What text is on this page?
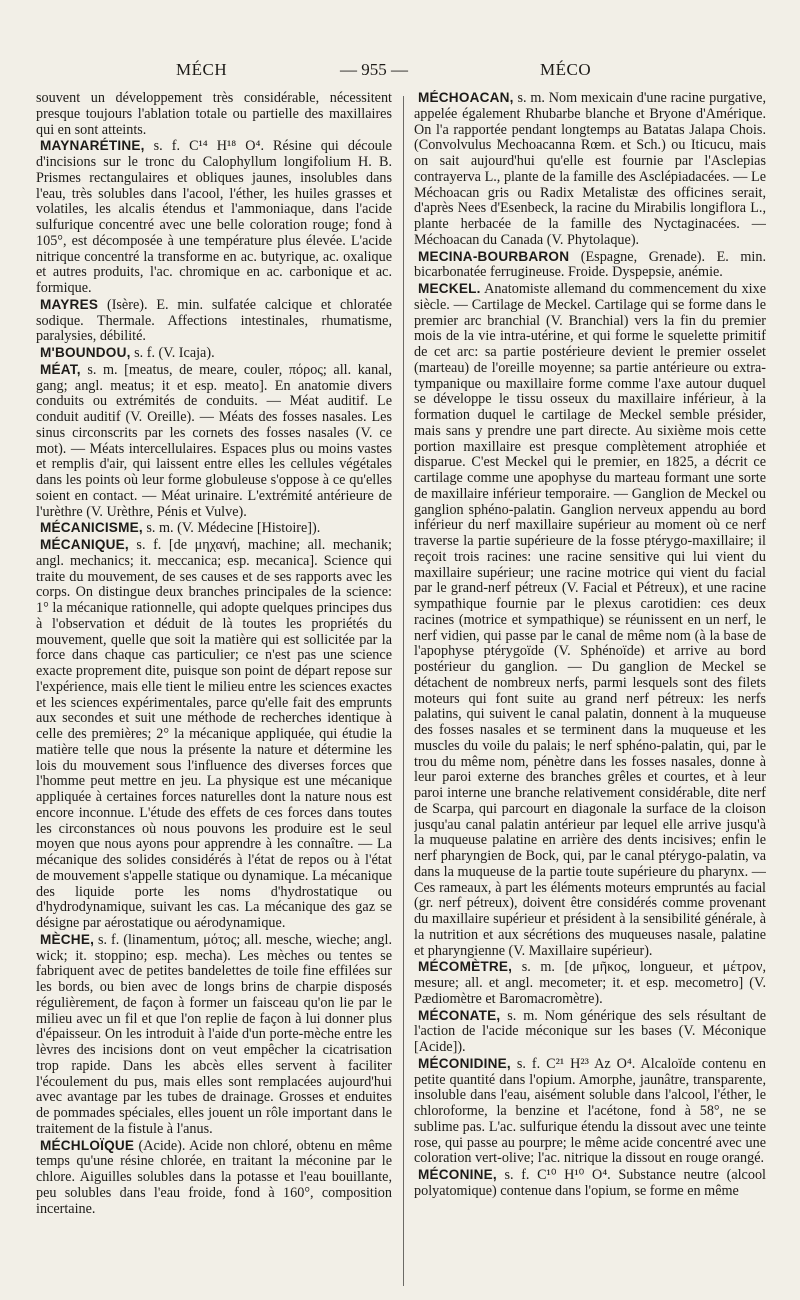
MÉCH	— 955 —	MÉCO

souvent un développement très considérable, nécessitent presque toujours l'ablation totale ou partielle des maxillaires qui en sont atteints.

MAYNARÉTINE, s. f. C¹⁴ H¹⁸ O⁴. Résine qui découle d'incisions sur le tronc du Calophyllum longifolium H. B. Prismes rectangulaires et obliques jaunes, insolubles dans l'eau, très solubles dans l'acool, l'éther, les huiles grasses et volatiles, les alcalis étendus et l'ammoniaque, dans l'acide sulfurique concentré avec une belle coloration rouge; fond à 105°, est décomposée à une température plus élevée. L'acide nitrique concentré la transforme en ac. butyrique, ac. oxalique et autres produits, l'ac. chromique en ac. carbonique et ac. formique.

MAYRES (Isère). E. min. sulfatée calcique et chloratée sodique. Thermale. Affections intestinales, rhumatisme, paralysies, débilité.

M'BOUNDOU, s. f. (V. Icaja).

MÉAT, s. m. [meatus, de meare, couler, πόρος; all. kanal, gang; angl. meatus; it et esp. meato]. En anatomie divers conduits ou extrémités de conduits. — Méat auditif. Le conduit auditif (V. Oreille). — Méats des fosses nasales. Les sinus circonscrits par les cornets des fosses nasales (V. ce mot). — Méats intercellulaires. Espaces plus ou moins vastes et remplis d'air, qui laissent entre elles les cellules végétales dans les points où leur forme globuleuse s'oppose à ce qu'elles soient en contact. — Méat urinaire. L'extrémité antérieure de l'urèthre (V. Urèthre, Pénis et Vulve).

MÉCANICISME, s. m. (V. Médecine [Histoire]).

MÉCANIQUE, s. f. [de μηχανή, machine; all. mechanik; angl. mechanics; it. meccanica; esp. mecanica]. Science qui traite du mouvement, de ses causes et de ses rapports avec les corps. On distingue deux branches principales de la science: 1° la mécanique rationnelle, qui adopte quelques principes dus à l'observation et déduit de là toutes les propriétés du mouvement, quelle que soit la matière qui est sollicitée par la force dans chaque cas particulier; ce n'est pas une science exacte proprement dite, puisque son point de départ repose sur l'expérience, mais elle tient le milieu entre les sciences exactes et les sciences expérimentales, parce qu'elle fait des emprunts aux secondes et suit une méthode de recherches identique à celle des premières; 2° la mécanique appliquée, qui étudie la matière telle que nous la présente la nature et détermine les lois du mouvement sous l'influence des diverses forces que l'homme peut mettre en jeu. La physique est une mécanique appliquée à certaines forces naturelles dont la nature nous est encore inconnue. L'étude des effets de ces forces dans toutes les circonstances où nous pouvons les produire est le seul moyen que nous ayons pour apprendre à les connaître. — La mécanique des solides considérés à l'état de repos ou à l'état de mouvement s'appelle statique ou dynamique. La mécanique des liquide porte les noms d'hydrostatique ou d'hydrodynamique, suivant les cas. La mécanique des gaz se désigne par aérostatique ou aérodynamique.

MÈCHE, s. f. (linamentum, μότος; all. mesche, wieche; angl. wick; it. stoppino; esp. mecha). Les mèches ou tentes se fabriquent avec de petites bandelettes de toile fine effilées sur les bords, ou bien avec de longs brins de charpie disposés régulièrement, de façon à former un faisceau qu'on lie par le milieu avec un fil et que l'on replie de façon à lui donner plus d'épaisseur. On les introduit à l'aide d'un porte-mèche entre les lèvres des incisions dont on veut empêcher la cicatrisation trop rapide. Dans les abcès elles servent à faciliter l'écoulement du pus, mais elles sont remplacées aujourd'hui avec avantage par les tubes de drainage. Grosses et enduites de pommades spéciales, elles jouent un rôle important dans le traitement de la fistule à l'anus.

MÉCHLOÏQUE (Acide). Acide non chloré, obtenu en même temps qu'une résine chlorée, en traitant la méconine par le chlore. Aiguilles solubles dans la potasse et l'eau bouillante, peu solubles dans l'eau froide, fond à 160°, composition incertaine.

MÉCHOACAN, s. m. Nom mexicain d'une racine purgative, appelée également Rhubarbe blanche et Bryone d'Amérique. On l'a rapportée pendant longtemps au Batatas Jalapa Chois. (Convolvulus Mechoacanna Rœm. et Sch.) ou Iticucu, mais on sait aujourd'hui qu'elle est fournie par l'Asclepias contrayerva L., plante de la famille des Asclépiadacées. — Le Méchoacan gris ou Radix Metalistæ des officines serait, d'après Nees d'Esenbeck, la racine du Mirabilis longiflora L., plante herbacée de la famille des Nyctaginacées. — Méchoacan du Canada (V. Phytolaque).

MECINA-BOURBARON (Espagne, Grenade). E. min. bicarbonatée ferrugineuse. Froide. Dyspepsie, anémie.

MECKEL. Anatomiste allemand du commencement du xixe siècle. — Cartilage de Meckel. Cartilage qui se forme dans le premier arc branchial (V. Branchial) vers la fin du premier mois de la vie intra-utérine, et qui forme le squelette primitif de cet arc: sa partie postérieure devient le premier osselet (marteau) de l'oreille moyenne; sa partie antérieure ou extra-tympanique ou maxillaire forme comme l'axe autour duquel se développe le tissu osseux du maxillaire inférieur, à la formation duquel le cartilage de Meckel semble présider, mais sans y prendre une part directe. Au sixième mois cette portion maxillaire est presque complètement atrophiée et disparue. C'est Meckel qui le premier, en 1825, a décrit ce cartilage comme une apophyse du marteau formant une sorte de maxillaire inférieur temporaire. — Ganglion de Meckel ou ganglion sphéno-palatin. Ganglion nerveux appendu au bord inférieur du nerf maxillaire supérieur au moment où ce nerf traverse la partie supérieure de la fosse ptérygo-maxillaire; il reçoit trois racines: une racine sensitive qui lui vient du maxillaire supérieur; une racine motrice qui vient du facial par le grand-nerf pétreux (V. Facial et Pétreux), et une racine sympathique fournie par le plexus carotidien: ces deux racines (motrice et sympathique) se réunissent en un nerf, le nerf vidien, qui passe par le canal de même nom (à la base de l'apophyse ptérygoïde (V. Sphénoïde) et arrive au bord postérieur du ganglion. — Du ganglion de Meckel se détachent de nombreux nerfs, parmi lesquels sont des filets moteurs qui font suite au grand nerf pétreux: les nerfs palatins, qui suivent le canal palatin, donnent à la muqueuse des fosses nasales et se terminent dans la muqueuse et les muscles du voile du palais; le nerf sphéno-palatin, qui, par le trou du même nom, pénètre dans les fosses nasales, donne à leur paroi externe des branches grêles et courtes, et à leur paroi interne une branche relativement considérable, dite nerf de Scarpa, qui parcourt en diagonale la surface de la cloison jusqu'au canal palatin antérieur par lequel elle arrive jusqu'à la muqueuse palatine en arrière des dents incisives; enfin le nerf pharyngien de Bock, qui, par le canal ptérygo-palatin, va dans la muqueuse de la partie toute supérieure du pharynx. — Ces rameaux, à part les éléments moteurs empruntés au facial (gr. nerf pétreux), doivent être considérés comme provenant du maxillaire supérieur et président à la sensibilité générale, à la nutrition et aux sécrétions des muqueuses nasale, palatine et pharyngienne (V. Maxillaire supérieur).

MÉCOMÈTRE, s. m. [de μῆκος, longueur, et μέτρον, mesure; all. et angl. mecometer; it. et esp. mecometro] (V. Pædiomètre et Baromacromètre).

MÉCONATE, s. m. Nom générique des sels résultant de l'action de l'acide méconique sur les bases (V. Méconique [Acide]).

MÉCONIDINE, s. f. C²¹ H²³ Az O⁴. Alcaloïde contenu en petite quantité dans l'opium. Amorphe, jaunâtre, transparente, insoluble dans l'eau, aisément soluble dans l'alcool, l'éther, le chloroforme, la benzine et l'acétone, fond à 58°, ne se sublime pas. L'ac. sulfurique étendu la dissout avec une teinte rose, qui passe au pourpre; le même acide concentré avec une coloration vert-olive; l'ac. nitrique la dissout en rouge orangé.

MÉCONINE, s. f. C¹⁰ H¹⁰ O⁴. Substance neutre (alcool polyatomique) contenue dans l'opium, se forme en même
